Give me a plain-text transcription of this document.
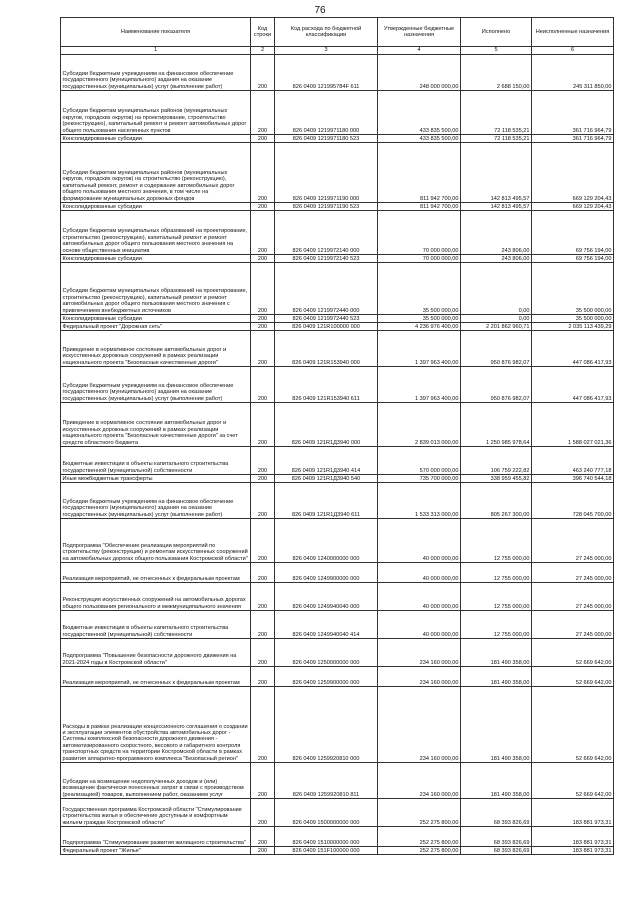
76
Наименование показателя	Код строки	Код расхода по бюджетной классификации	Утвержденные бюджетные назначения	Исполнено	Неисполненные назначения
1	2	3	4	5	6
Субсидии бюджетным учреждениям на финансовое обеспечение государственного (муниципального) задания на оказание государственных (муниципальных) услуг (выполнение работ)	200	826 0409 121995784F 611	248 000 000,00	2 688 150,00	245 311 850,00
Субсидии бюджетам муниципальных районов (муниципальных округов, городских округов) на проектирование, строительство (реконструкцию), капитальный ремонт и ремонт автомобильных дорог общего пользования населенных пунктов	200	826 0409 1219971180 000	433 835 500,00	72 118 535,21	361 716 964,79
Консолидированные субсидии	200	826 0409 1219971180 523	433 835 500,00	72 118 535,21	361 716 964,79
Субсидии бюджетам муниципальных районов (муниципальных округов, городских округов) на строительство (реконструкцию), капитальный ремонт, ремонт и содержание автомобильных дорог общего пользования местного значения, в том числе на формирование муниципальных дорожных фондов	200	826 0409 1219971190 000	811 942 700,00	142 813 495,57	669 129 204,43
Консолидированные субсидии	200	826 0409 1219971190 523	811 942 700,00	142 813 495,57	669 129 204,43
Субсидии бюджетам муниципальных образований на проектирование, строительство (реконструкцию), капитальный ремонт и ремонт автомобильных дорог общего пользования местного значения на основе общественных инициатив	200	826 0409 1219972140 000	70 000 000,00	243 806,00	69 756 194,00
Консолидированные субсидии	200	826 0409 1219972140 523	70 000 000,00	243 806,00	69 756 194,00
Субсидии бюджетам муниципальных образований на проектирование, строительство (реконструкцию), капитальный ремонт и ремонт автомобильных дорог общего пользования местного значения с привлечением внебюджетных источников	200	826 0409 1219972440 000	35 500 000,00	0,00	35 500 000,00
Консолидированные субсидии	200	826 0409 1219972440 523	35 500 000,00	0,00	35 500 000,00
Федеральный проект "Дорожная сеть"	200	826 0409 121R100000 000	4 236 976 400,00	2 201 862 960,71	2 035 113 439,29
Приведение в нормативное состояние автомобильных дорог и искусственных дорожных сооружений в рамках реализации национального проекта "Безопасные качественные дороги"	200	826 0409 121R153940 000	1 397 963 400,00	950 876 982,07	447 086 417,93
Субсидии бюджетным учреждениям на финансовое обеспечение государственного (муниципального) задания на оказание государственных (муниципальных) услуг (выполнение работ)	200	826 0409 121R153940 611	1 397 963 400,00	950 876 982,07	447 086 417,93
Приведение в нормативное состояние автомобильных дорог и искусственных дорожных сооружений в рамках реализации национального проекта "Безопасные качественные дороги" за счет средств областного бюджета	200	826 0409 121R1Д3940 000	2 839 013 000,00	1 250 985 978,64	1 588 027 021,36
Бюджетные инвестиции в объекты капитального строительства государственной (муниципальной) собственности	200	826 0409 121R1Д3940 414	570 000 000,00	106 759 222,82	463 240 777,18
Иные межбюджетные трансферты	200	826 0409 121R1Д3940 540	735 700 000,00	338 959 455,82	396 740 544,18
Субсидии бюджетным учреждениям на финансовое обеспечение государственного (муниципального) задания на оказание государственных (муниципальных) услуг (выполнение работ)	200	826 0409 121R1Д3940 611	1 533 313 000,00	805 267 300,00	728 045 700,00
Подпрограмма "Обеспечение реализации мероприятий по строительству (реконструкции) и ремонтам искусственных сооружений на автомобильных дорогах общего пользования Костромской области"	200	826 0409 1240000000 000	40 000 000,00	12 755 000,00	27 245 000,00
Реализация мероприятий, не отнесенных к федеральным проектам	200	826 0409 1249900000 000	40 000 000,00	12 755 000,00	27 245 000,00
Реконструкция искусственных сооружений на автомобильных дорогах общего пользования регионального и межмуниципального значения	200	826 0409 1249940040 000	40 000 000,00	12 755 000,00	27 245 000,00
Бюджетные инвестиции в объекты капитального строительства государственной (муниципальной) собственности	200	826 0409 1249940040 414	40 000 000,00	12 755 000,00	27 245 000,00
Подпрограмма "Повышение безопасности дорожного движения на 2021-2024 годы в Костромской области"	200	826 0409 1250000000 000	234 160 000,00	181 490 358,00	52 669 642,00
Реализация мероприятий, не отнесенных к федеральным проектам	200	826 0409 1259900000 000	234 160 000,00	181 490 358,00	52 669 642,00
Расходы в рамках реализации концессионного соглашения о создании и эксплуатации элементов обустройства автомобильных дорог - Системы комплексной безопасности дорожного движения - автоматизированного скоростного, весового и габаритного контроля транспортных средств на территории Костромской области в рамках развития аппаратно-программного комплекса "Безопасный регион"	200	826 0409 1259920810 000	234 160 000,00	181 490 358,00	52 669 642,00
Субсидии на возмещение недополученных доходов и (или) возмещение фактически понесенных затрат в связи с производством (реализацией) товаров, выполнением работ, оказанием услуг	200	826 0409 1259920810 811	234 160 000,00	181 490 358,00	52 669 642,00
Государственная программа Костромской области "Стимулирование строительства жилья и обеспечение доступным и комфортным жильем граждан Костромской области"	200	826 0409 1500000000 000	252 275 800,00	68 393 826,69	183 881 973,31
Подпрограмма "Стимулирование развития жилищного строительства"	200	826 0409 1510000000 000	252 275 800,00	68 393 826,69	183 881 973,31
Федеральный проект "Жилье"	200	826 0409 151F100000 000	252 275 800,00	68 393 826,69	183 881 973,31
